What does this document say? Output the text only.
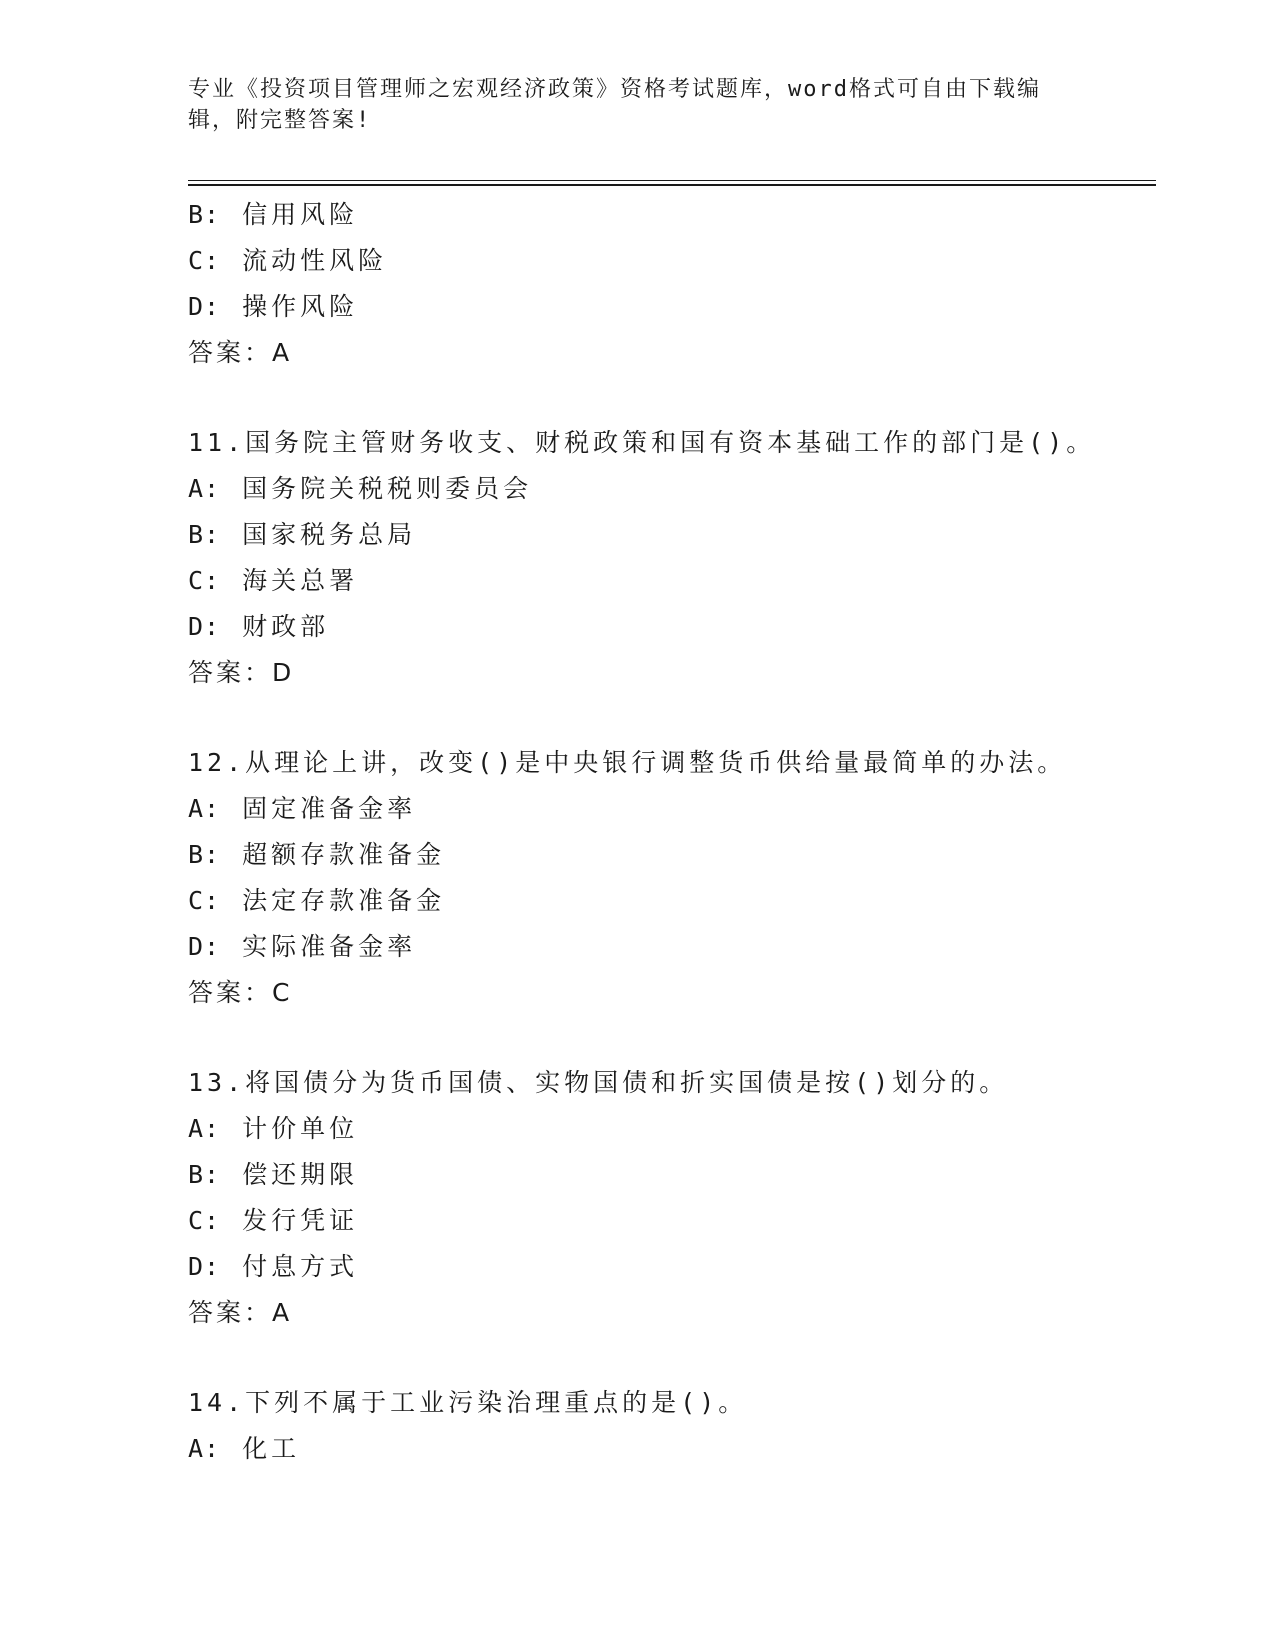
专业《投资项目管理师之宏观经济政策》资格考试题库，word格式可自由下载编
辑，附完整答案!
B: 信用风险
C: 流动性风险
D: 操作风险
答案：A
11.国务院主管财务收支、财税政策和国有资本基础工作的部门是()。
A: 国务院关税税则委员会
B: 国家税务总局
C: 海关总署
D: 财政部
答案：D
12.从理论上讲，改变()是中央银行调整货币供给量最简单的办法。
A: 固定准备金率
B: 超额存款准备金
C: 法定存款准备金
D: 实际准备金率
答案：C
13.将国债分为货币国债、实物国债和折实国债是按()划分的。
A: 计价单位
B: 偿还期限
C: 发行凭证
D: 付息方式
答案：A
14.下列不属于工业污染治理重点的是()。
A: 化工
